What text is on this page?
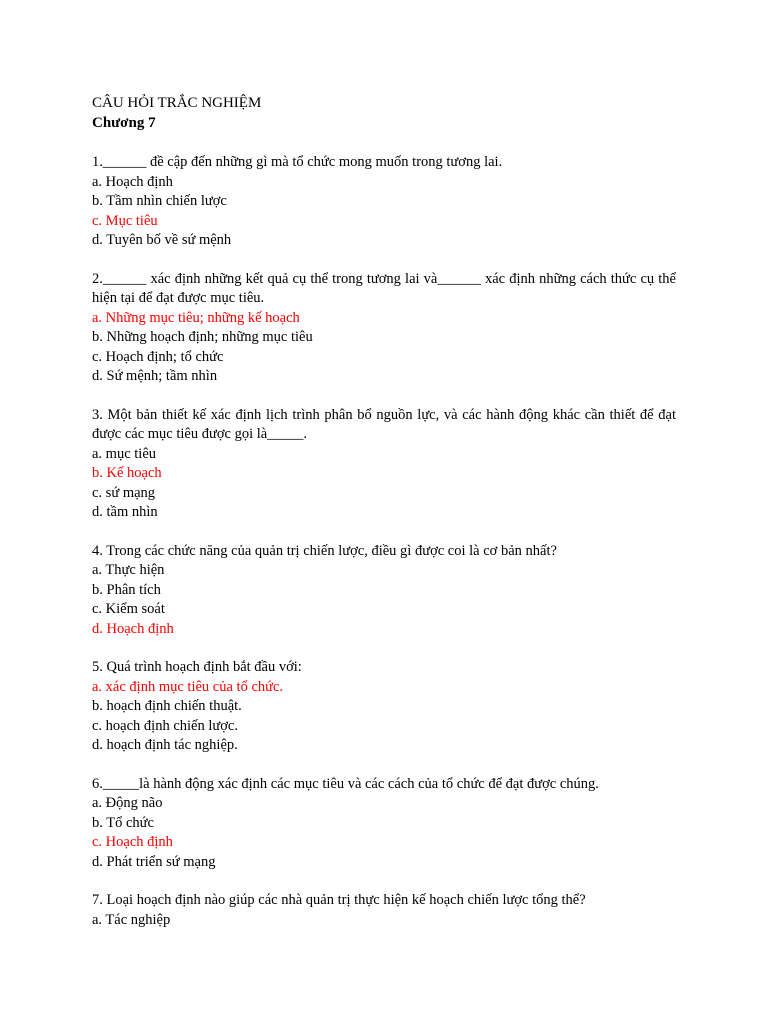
CÂU HỎI TRẮC NGHIỆM

Chương 7

1.______ đề cập đến những gì mà tổ chức mong muốn trong tương lai.

a. Hoạch định
b. Tầm nhìn chiến lược
c. Mục tiêu
d. Tuyên bố về sứ mệnh

2.______ xác định những kết quả cụ thể trong tương lai và______ xác định những cách thức cụ thể hiện tại để đạt được mục tiêu.

a. Những mục tiêu; những kế hoạch
b. Những hoạch định; những mục tiêu
c. Hoạch định; tổ chức
d. Sứ mệnh; tầm nhìn

3. Một bản thiết kế xác định lịch trình phân bổ nguồn lực, và các hành động khác cần thiết để đạt được các mục tiêu được gọi là_____.

a. mục tiêu
b. Kế hoạch
c. sứ mạng
d. tầm nhìn

4. Trong các chức năng của quản trị chiến lược, điều gì được coi là cơ bản nhất?

a. Thực hiện
b. Phân tích
c. Kiểm soát
d. Hoạch định

5. Quá trình hoạch định bắt đầu với:

a. xác định mục tiêu của tổ chức.
b. hoạch định chiến thuật.
c. hoạch định chiến lược.
d. hoạch định tác nghiệp.

6._____là hành động xác định các mục tiêu và các cách của tổ chức để đạt được chúng.

a. Động não
b. Tổ chức
c. Hoạch định
d. Phát triển sứ mạng

7. Loại hoạch định nào giúp các nhà quản trị thực hiện kế hoạch chiến lược tổng thể?

a. Tác nghiệp
